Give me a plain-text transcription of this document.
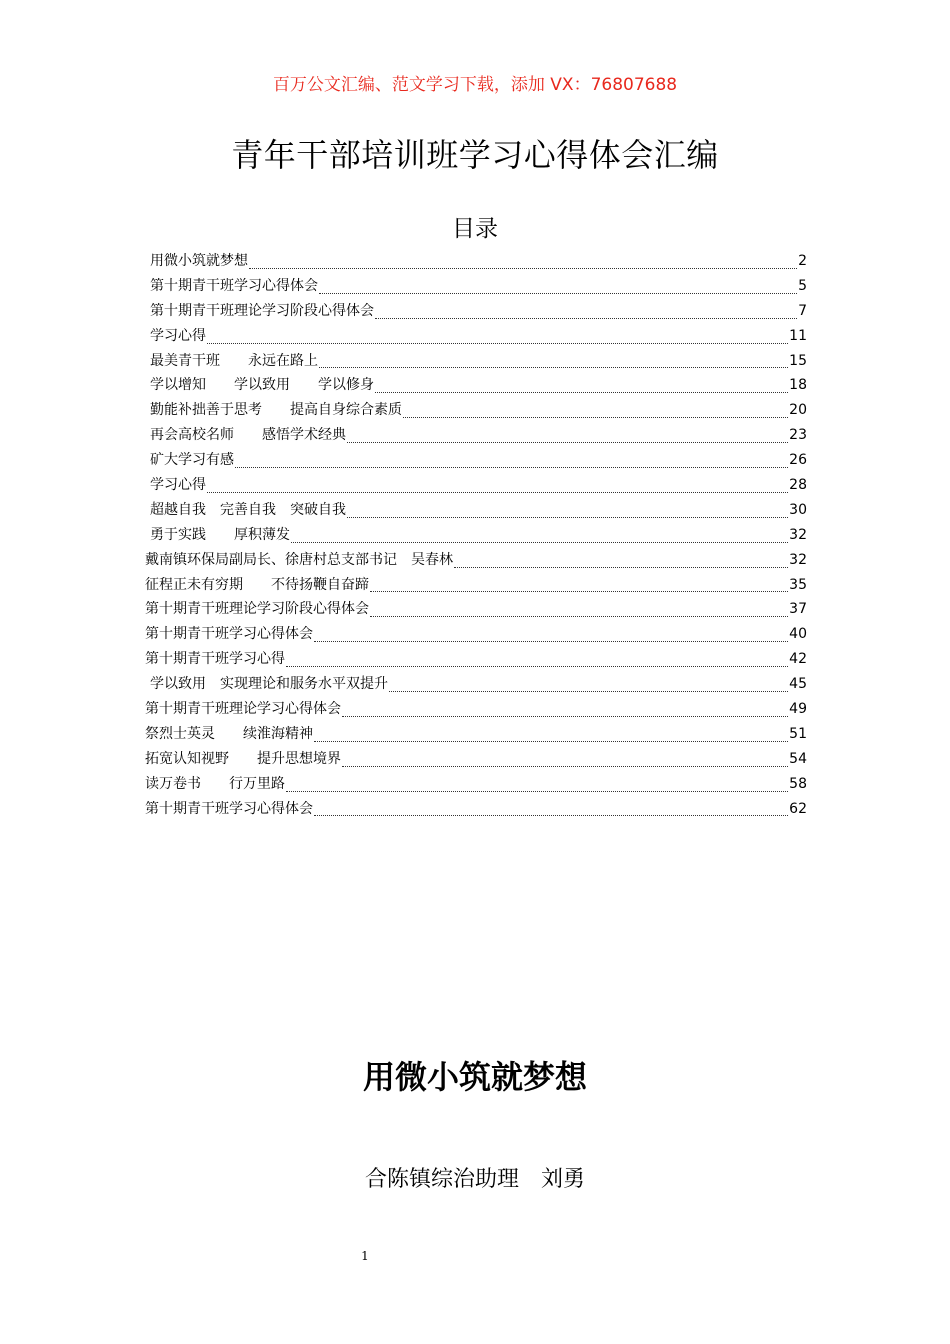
百万公文汇编、范文学习下载，添加 VX：76807688
青年干部培训班学习心得体会汇编
目录
用微小筑就梦想	2
第十期青干班学习心得体会	5
第十期青干班理论学习阶段心得体会	7
学习心得	11
最美青干班　　永远在路上	15
学以增知　　学以致用　　学以修身	18
勤能补拙善于思考　　提高自身综合素质	20
再会高校名师　　感悟学术经典	23
矿大学习有感	26
学习心得	28
超越自我　完善自我　突破自我	30
勇于实践　　厚积薄发	32
戴南镇环保局副局长、徐唐村总支部书记　吴春林	32
征程正未有穷期　　不待扬鞭自奋蹄	35
第十期青干班理论学习阶段心得体会	37
第十期青干班学习心得体会	40
第十期青干班学习心得	42
学以致用　实现理论和服务水平双提升	45
第十期青干班理论学习心得体会	49
祭烈士英灵　　续淮海精神	51
拓宽认知视野　　提升思想境界	54
读万卷书　　行万里路	58
第十期青干班学习心得体会	62
用微小筑就梦想
合陈镇综治助理　刘勇
1
